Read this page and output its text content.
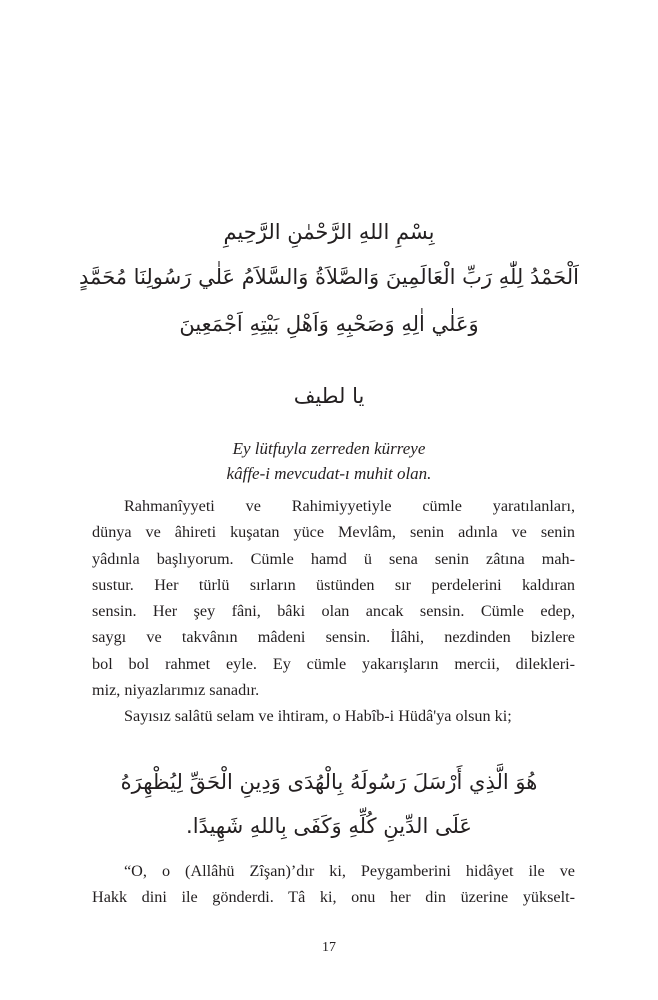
بِسْمِ اللهِ الرَّحْمٰنِ الرَّحِيمِ
اَلْحَمْدُ لِلّٰهِ رَبِّ الْعَالَمِينَ وَالصَّلاَةُ وَالسَّلاَمُ عَلٰي رَسُولِنَا مُحَمَّدٍ
وَعَلٰي اٰلِهِ وَصَحْبِهِ وَاَهْلِ بَيْتِهِ اَجْمَعِينَ
يا لطيف
Ey lütfuyla zerreden kürreye
kâffe-i mevcudat-ı muhit olan.
Rahmanîyyeti ve Rahimiyyetiyle cümle yaratılanları,
dünya ve âhireti kuşatan yüce Mevlâm, senin adınla ve senin
yâdınla başlıyorum. Cümle hamd ü sena senin zâtına mah-
sustur. Her türlü sırların üstünden sır perdelerini kaldıran
sensin. Her şey fâni, bâki olan ancak sensin. Cümle edep,
saygı ve takvânın mâdeni sensin. İlâhi, nezdinden bizlere
bol bol rahmet eyle. Ey cümle yakarışların mercii, dilekleri-
miz, niyazlarımız sanadır.
Sayısız salâtü selam ve ihtiram, o Habîb-i Hüdâ'ya olsun ki;
هُوَ الَّذِي أَرْسَلَ رَسُولَهُ بِالْهُدَى وَدِينِ الْحَقِّ لِيُظْهِرَهُ
عَلَى الدِّينِ كُلِّهِ وَكَفَى بِاللهِ شَهِيدًا.
“O, o (Allâhü Zîşan)’dır ki, Peygamberini hidâyet ile ve
Hakk dini ile gönderdi. Tâ ki, onu her din üzerine yükselt-
17
